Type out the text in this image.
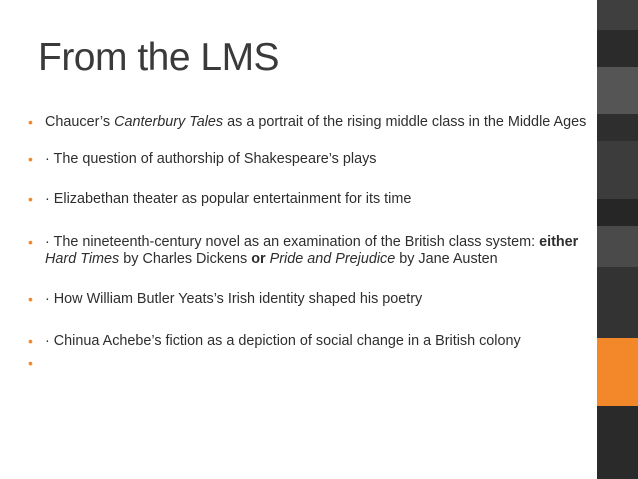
From the LMS
• Chaucer’s Canterbury Tales as a portrait of the rising middle class in the Middle Ages
• · The question of authorship of Shakespeare’s plays
• · Elizabethan theater as popular entertainment for its time
• · The nineteenth-century novel as an examination of the British class system: either Hard Times by Charles Dickens or Pride and Prejudice by Jane Austen
• · How William Butler Yeats’s Irish identity shaped his poetry
• · Chinua Achebe’s fiction as a depiction of social change in a British colony
•
